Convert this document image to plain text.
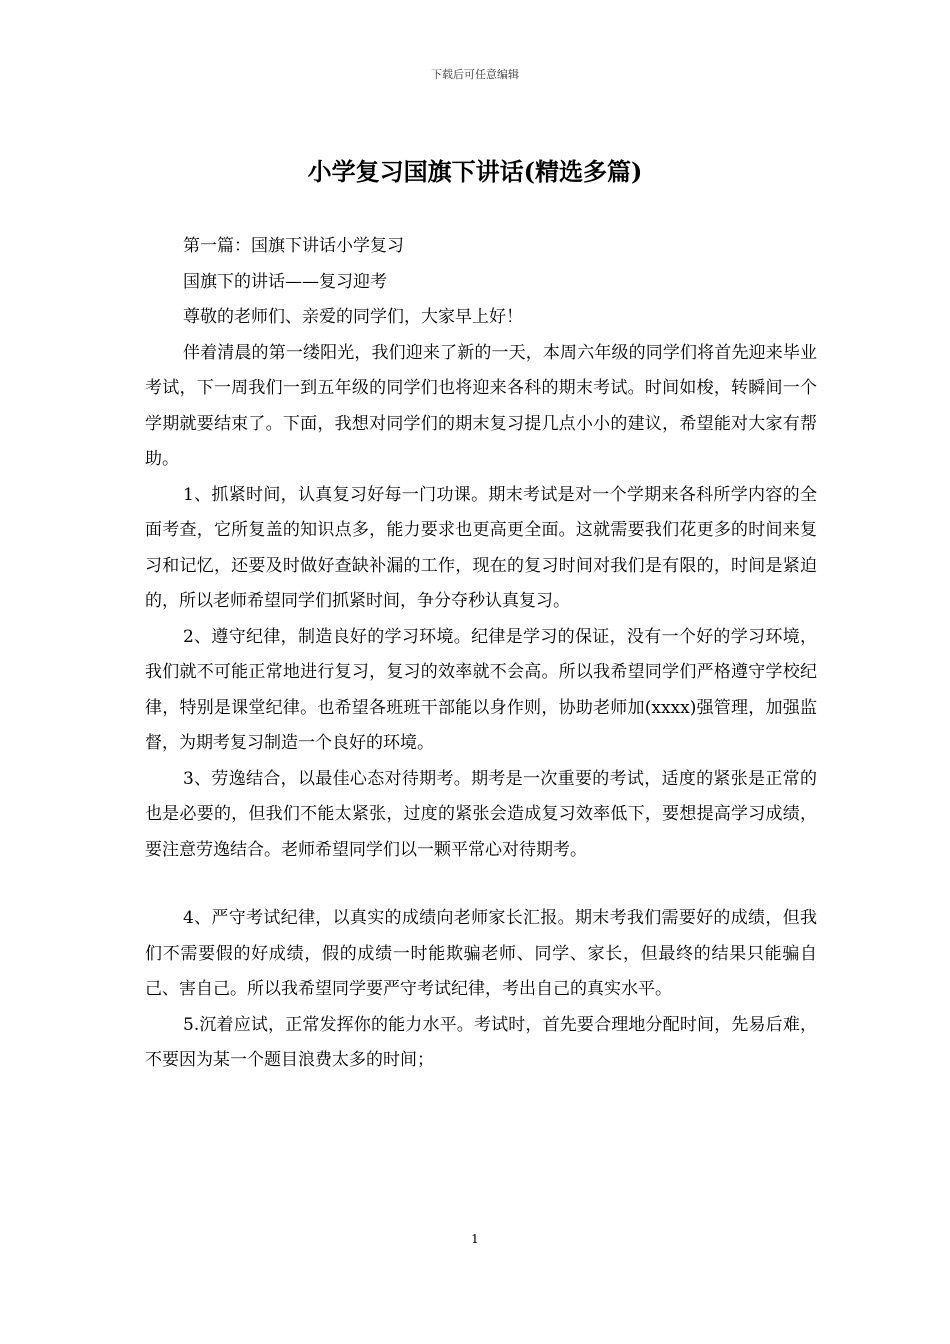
下载后可任意编辑
小学复习国旗下讲话(精选多篇)

第一篇：国旗下讲话小学复习

国旗下的讲话——复习迎考

尊敬的老师们、亲爱的同学们，大家早上好！

伴着清晨的第一缕阳光，我们迎来了新的一天，本周六年级的同学们将首先迎来毕业考试，下一周我们一到五年级的同学们也将迎来各科的期末考试。时间如梭，转瞬间一个学期就要结束了。下面，我想对同学们的期末复习提几点小小的建议，希望能对大家有帮助。

1、抓紧时间，认真复习好每一门功课。期末考试是对一个学期来各科所学内容的全面考查，它所复盖的知识点多，能力要求也更高更全面。这就需要我们花更多的时间来复习和记忆，还要及时做好查缺补漏的工作，现在的复习时间对我们是有限的，时间是紧迫的，所以老师希望同学们抓紧时间，争分夺秒认真复习。

2、遵守纪律，制造良好的学习环境。纪律是学习的保证，没有一个好的学习环境，我们就不可能正常地进行复习，复习的效率就不会高。所以我希望同学们严格遵守学校纪律，特别是课堂纪律。也希望各班班干部能以身作则，协助老师加(xxxx)强管理，加强监督，为期考复习制造一个良好的环境。

3、劳逸结合，以最佳心态对待期考。期考是一次重要的考试，适度的紧张是正常的也是必要的，但我们不能太紧张，过度的紧张会造成复习效率低下，要想提高学习成绩，要注意劳逸结合。老师希望同学们以一颗平常心对待期考。

4、严守考试纪律，以真实的成绩向老师家长汇报。期末考我们需要好的成绩，但我们不需要假的好成绩，假的成绩一时能欺骗老师、同学、家长，但最终的结果只能骗自己、害自己。所以我希望同学要严守考试纪律，考出自己的真实水平。

5.沉着应试，正常发挥你的能力水平。考试时，首先要合理地分配时间，先易后难，不要因为某一个题目浪费太多的时间；

1
